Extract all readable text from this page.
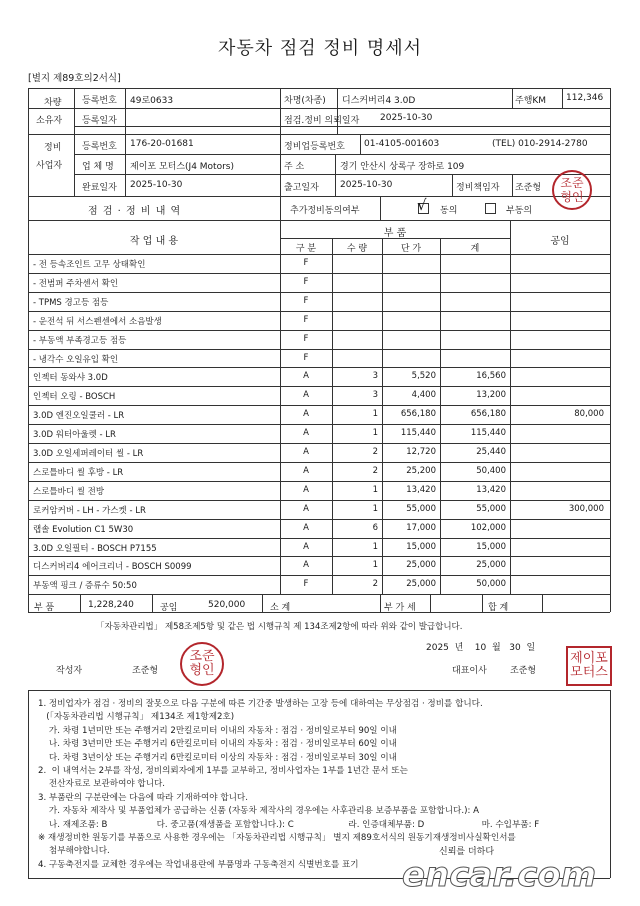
자동차 점검 정비 명세서
[별지 제89호의2서식]
차량
소유자
등록번호 49로0633
등록일자
차명(차종) 디스커버리4 3.0D	주행KM 112,346
점검.정비 의뢰일자 2025-10-30
정비
사업자
등록번호 176-20-01681	정비업등록번호 01-4105-001603	(TEL) 010-2914-2780
업 체 명 제이포 모터스(J4 Motors)	주 소	경기 안산시 상록구 장하로 109
완료일자 2025-10-30	출고일자 2025-10-30	정비책임자 조준형
점 검 · 정 비 내 역	추가정비동의여부	√ 동의	부동의
작 업 내 용
부 품
공임
구 분	수 량	단 가	계
- 전 등속조인트 고무 상태확인	F
- 전범퍼 주차센서 확인	F
- TPMS 경고등 점등	F
- 운전석 뒤 서스펜센에서 소음발생	F
- 부동액 부족경고등 점등	F
- 냉각수 오일유입 확인	F
인젝터 동와샤 3.0D	A	3	5,520	16,560
인젝터 오링 - BOSCH	A	3	4,400	13,200
3.0D 엔진오일쿨러 - LR	A	1	656,180	656,180	80,000
3.0D 워터아울렛 - LR	A	1	115,440	115,440
3.0D 오일세퍼레이터 씰 - LR	A	2	12,720	25,440
스로틀바디 씰 후방 - LR	A	2	25,200	50,400
스로틀바디 씰 전방	A	1	13,420	13,420
로커암커버 - LH - 가스켓 - LR	A	1	55,000	55,000	300,000
랩솔 Evolution C1 5W30	A	6	17,000	102,000
3.0D 오일필터 - BOSCH P7155	A	1	15,000	15,000
디스커버리4 에어크리너 - BOSCH S0099	A	1	25,000	25,000
부동액 핑크 / 증류수 50:50	F	2	25,000	50,000
부 품	1,228,240	공임	520,000	소 계	부 가 세	합 계
「자동차관리법」 제58조제5항 및 같은 법 시행규칙 제 134조제2항에 따라 위와 같이 발급합니다.
2025 년 10 월 30 일
작성자	조준형	대표이사	조준형
조준
형인
조준
형인
제이포
모터스
1. 정비업자가 점검 · 정비의 잘못으로 다음 구분에 따른 기간중 발생하는 고장 등에 대하여는 무상점검 · 정비를 합니다.
(「자동차관리법 시행규칙」 제134조 제1항제2호)
가. 차령 1년미만 또는 주행거리 2만킬로미터 이내의 자동차 : 점검 · 정비일로부터 90일 이내
나. 차령 3년미만 또는 주행거리 6만킬로미터 이내의 자동차 : 점검 · 정비일로부터 60일 이내
다. 차령 3년이상 또는 주행거리 6만킬로미터 이상의 자동차 : 점검 · 정비일로부터 30일 이내
2.  이 내역서는 2부를 작성, 정비의뢰자에게 1부를 교부하고, 정비사업자는 1부를 1년간 문서 또는
전산자료로 보관하여야 합니다.
3. 부품란의 구분란에는 다음에 따라 기재하여야 합니다.
가. 자동차 제작사 및 부품업체가 공급하는 신품 (자동차 제작사의 경우에는 사후관리용 보증부품을 포함합니다.): A
나. 재제조품: B                  다. 중고품(재생품을 포함합니다.): C                    라. 인증대체부품: D                     마. 수입부품: F
※ 재생정비한 원동기를 부품으로 사용한 경우에는 「자동차관리법 시행규칙」 별지 제89호서식의 원동기재생정비사실확인서를
첨부해야합니다.
4. 구동축전지를 교체한 경우에는 작업내용란에 부품명과 구동축전지 식별번호를 표기
신뢰를 더하다
encar.com
